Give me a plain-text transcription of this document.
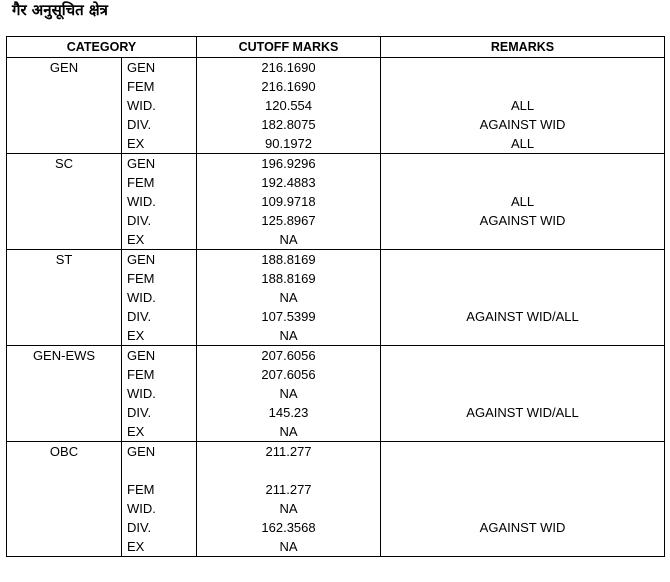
गैर अनुसूचित क्षेत्र
CATEGORY		CUTOFF MARKS	REMARKS
GEN	GEN	216.1690	
	FEM	216.1690	
	WID.	120.554	ALL
	DIV.	182.8075	AGAINST WID
	EX	90.1972	ALL
SC	GEN	196.9296	
	FEM	192.4883	
	WID.	109.9718	ALL
	DIV.	125.8967	AGAINST WID
	EX	NA	
ST	GEN	188.8169	
	FEM	188.8169	
	WID.	NA	
	DIV.	107.5399	AGAINST WID/ALL
	EX	NA	
GEN-EWS	GEN	207.6056	
	FEM	207.6056	
	WID.	NA	
	DIV.	145.23	AGAINST WID/ALL
	EX	NA	
OBC	GEN	211.277	
	FEM	211.277	
	WID.	NA	
	DIV.	162.3568	AGAINST WID
	EX	NA	
